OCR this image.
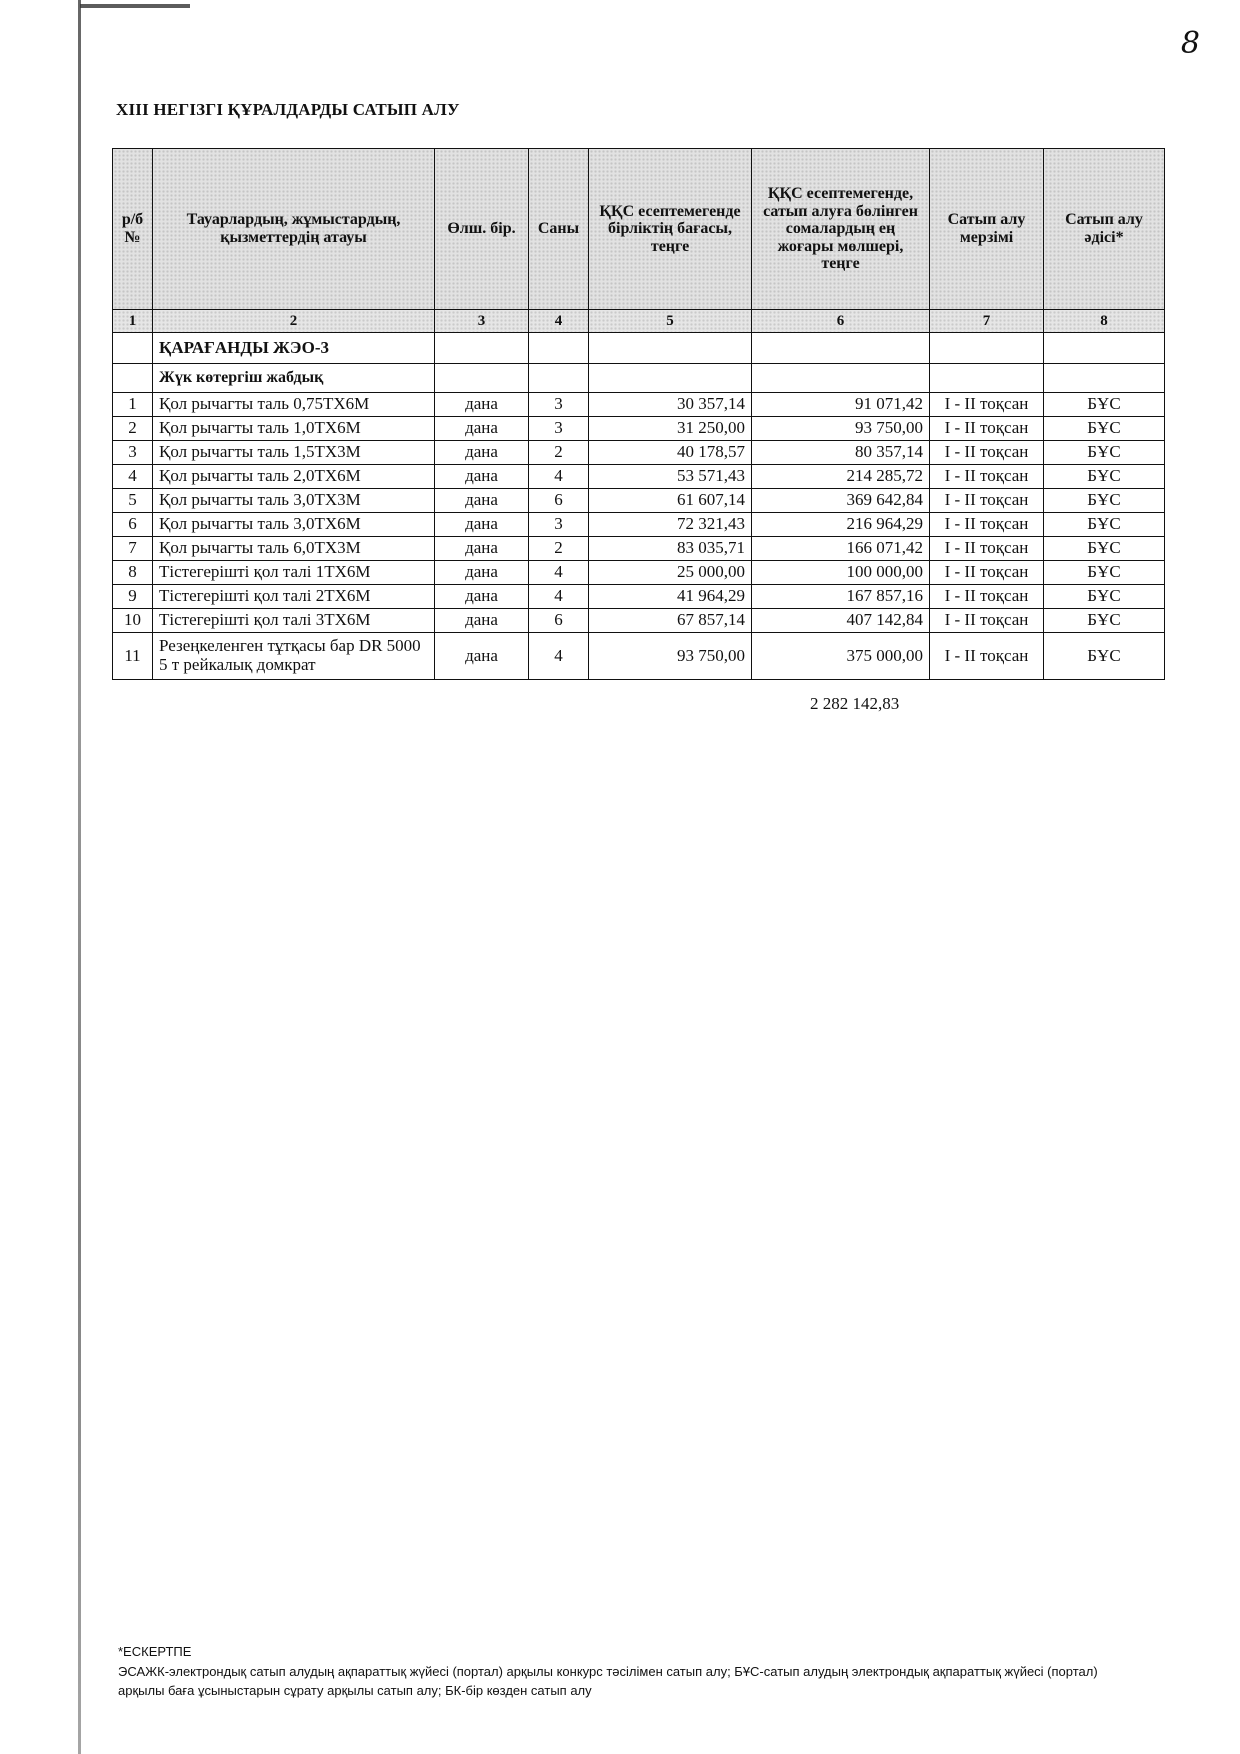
8
XIII НЕГІЗГІ ҚҰРАЛДАРДЫ САТЫП АЛУ
р/б №	Тауарлардың, жұмыстардың, қызметтердің атауы	Өлш. бір.	Саны	ҚҚС есептемегенде бірліктің бағасы, теңге	ҚҚС есептемегенде, сатып алуға бөлінген сомалардың ең жоғары мөлшері, теңге	Сатып алу мерзімі	Сатып алу әдісі*
1	2	3	4	5	6	7	8
	ҚАРАҒАНДЫ ЖЭО-3						
	Жүк көтергіш жабдық						
1	Қол рычагты таль 0,75ТХ6М	дана	3	30 357,14	91 071,42	I - II тоқсан	БҰС
2	Қол рычагты таль 1,0ТХ6М	дана	3	31 250,00	93 750,00	I - II тоқсан	БҰС
3	Қол рычагты таль 1,5ТХ3М	дана	2	40 178,57	80 357,14	I - II тоқсан	БҰС
4	Қол рычагты таль 2,0ТХ6М	дана	4	53 571,43	214 285,72	I - II тоқсан	БҰС
5	Қол рычагты таль 3,0ТХ3М	дана	6	61 607,14	369 642,84	I - II тоқсан	БҰС
6	Қол рычагты таль 3,0ТХ6М	дана	3	72 321,43	216 964,29	I - II тоқсан	БҰС
7	Қол рычагты таль 6,0ТХ3М	дана	2	83 035,71	166 071,42	I - II тоқсан	БҰС
8	Тістегерішті қол талі 1ТХ6М	дана	4	25 000,00	100 000,00	I - II тоқсан	БҰС
9	Тістегерішті қол талі 2ТХ6М	дана	4	41 964,29	167 857,16	I - II тоқсан	БҰС
10	Тістегерішті қол талі 3ТХ6М	дана	6	67 857,14	407 142,84	I - II тоқсан	БҰС
11	Резеңкеленген тұтқасы бар DR 5000 5 т рейкалық домкрат	дана	4	93 750,00	375 000,00	I - II тоқсан	БҰС
2 282 142,83
*ЕСКЕРТПЕ
ЭСАЖК-электрондық сатып алудың ақпараттық жүйесі (портал) арқылы конкурс тәсілімен сатып алу; БҰС-сатып алудың электрондық ақпараттық жүйесі (портал) арқылы баға ұсыныстарын сұрату арқылы сатып алу; БК-бір көзден сатып алу
